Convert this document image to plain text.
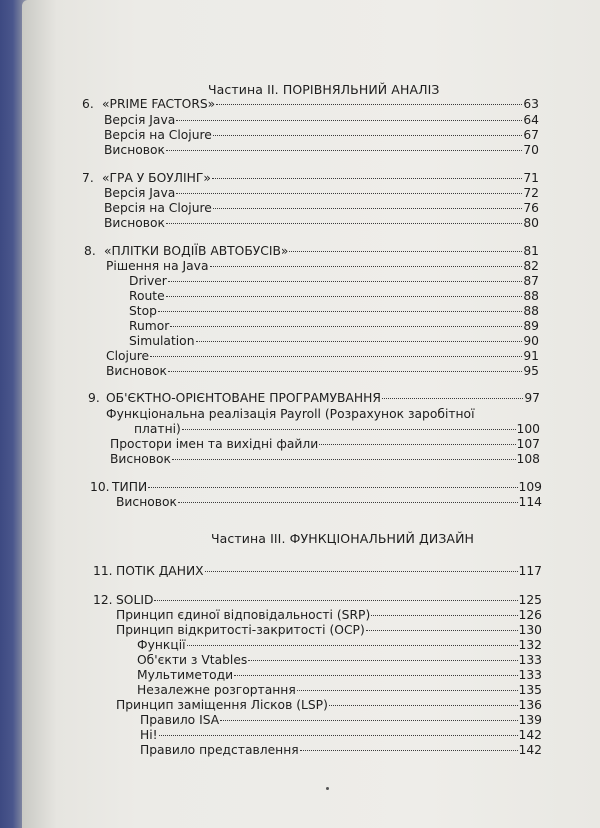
Частина II. ПОРІВНЯЛЬНИЙ АНАЛІЗ
6. «PRIME FACTORS»	63
Версія Java	64
Версія на Clojure	67
Висновок	70
7. «ГРА У БОУЛІНГ»	71
Версія Java	72
Версія на Clojure	76
Висновок	80
8. «ПЛІТКИ ВОДІЇВ АВТОБУСІВ»	81
Рішення на Java	82
Driver	87
Route	88
Stop	88
Rumor	89
Simulation	90
Clojure	91
Висновок	95
9. ОБ'ЄКТНО-ОРІЄНТОВАНЕ ПРОГРАМУВАННЯ	97
Функціональна реалізація Payroll (Розрахунок заробітної
платні)	100
Простори імен та вихідні файли	107
Висновок	108
10. ТИПИ	109
Висновок	114
Частина III. ФУНКЦІОНАЛЬНИЙ ДИЗАЙН
11. ПОТІК ДАНИХ	117
12. SOLID	125
Принцип єдиної відповідальності (SRP)	126
Принцип відкритості-закритості (OCP)	130
Функції	132
Об'єкти з Vtables	133
Мультиметоди	133
Незалежне розгортання	135
Принцип заміщення Лісков (LSP)	136
Правило ISA	139
Ні!	142
Правило представлення	142
